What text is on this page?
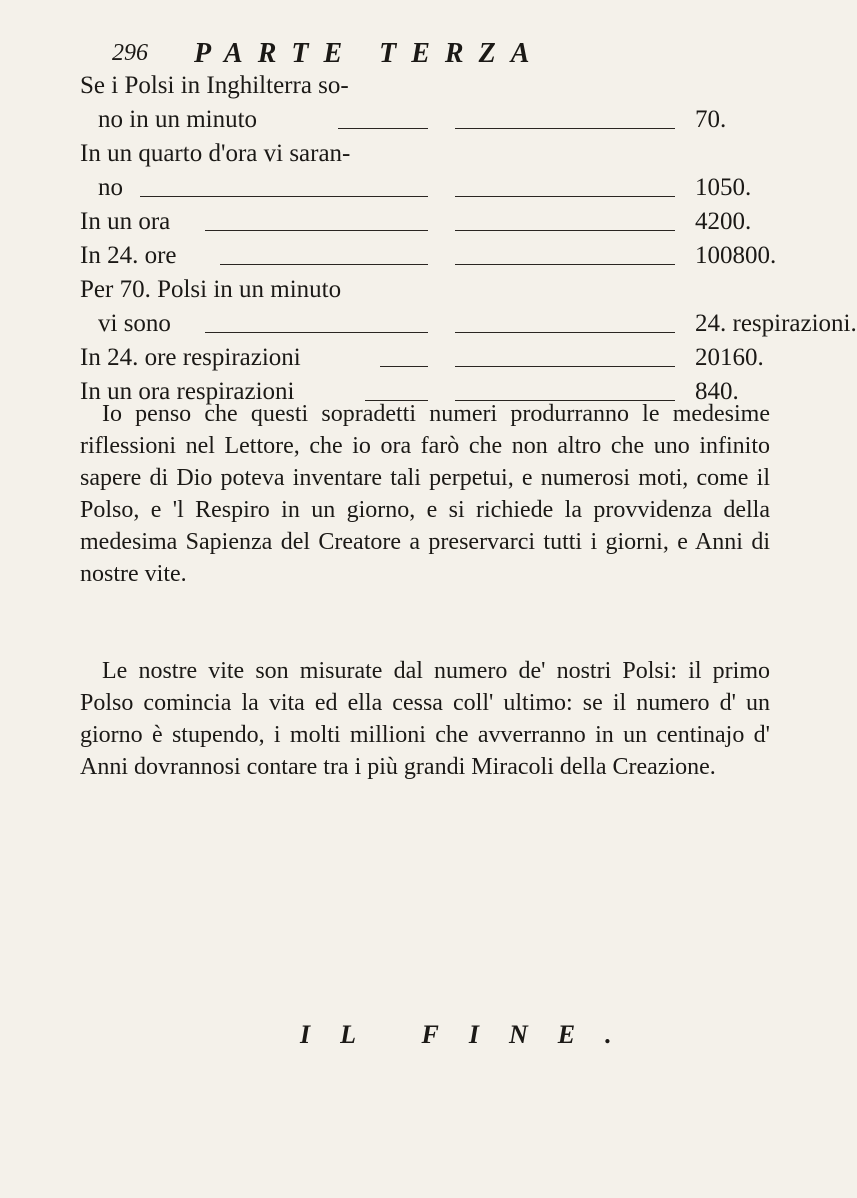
296 PARTE TERZA
Se i Polsi in Inghilterra so-
no in un minuto	70.
In un quarto d'ora vi saran-
no	1050.
In un ora	4200.
In 24. ore	100800.
Per 70. Polsi in un minuto
vi sono	24. respirazioni.
In 24. ore respirazioni	20160.
In un ora respirazioni	840.

Io penso che questi sopradetti numeri produrranno le medesime riflessioni nel Lettore, che io ora farò che non altro che uno infinito sapere di Dio poteva inventare tali perpetui, e numerosi moti, come il Polso, e 'l Respiro in un giorno, e si richiede la provvidenza della medesima Sapienza del Creatore a preservarci tutti i giorni, e Anni di nostre vite.

Le nostre vite son misurate dal numero de' nostri Polsi: il primo Polso comincia la vita ed ella cessa coll' ultimo: se il numero d' un giorno è stupendo, i molti millioni che avverranno in un centinajo d' Anni dovrannosi contare tra i più grandi Miracoli della Creazione.

IL FINE.
